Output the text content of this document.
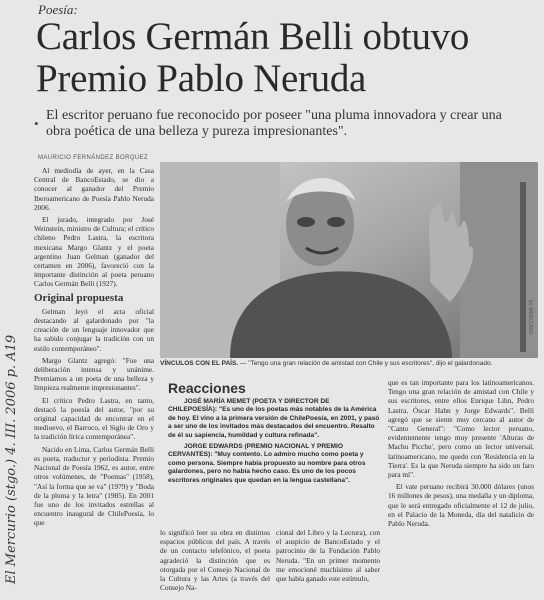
Poesía:
Carlos Germán Belli obtuvo
Premio Pablo Neruda
•
El escritor peruano fue reconocido por poseer "una pluma innovadora y crear una obra poética de una belleza y pureza impresionantes".
MAURICIO FERNÁNDEZ BORQUEZ

Al mediodía de ayer, en la Casa Central de BancoEstado, se dio a conocer al ganador del Premio Iberoamericano de Poesía Pablo Neruda 2006.

El jurado, integrado por José Weinstein, ministro de Cultura; el crítico chileno Pedro Lastra, la escritora mexicana Margo Glantz y el poeta argentino Juan Gelman (ganador del certamen en 2006), favoreció con la importante distinción al poeta peruano Carlos Germán Belli (1927).

Original propuesta

Gelman leyó el acta oficial destacando al galardonado por "la creación de un lenguaje innovador que ha sabido conjugar la tradición con un estilo contemporáneo".

Margo Glantz agregó: "Fue una deliberación intensa y unánime. Premiamos a un poeta de una belleza y limpieza realmente impresionantes".

El crítico Pedro Lastra, en tanto, destacó la poesía del autor, "por su original capacidad de encontrar en el medioevo, el Barroco, el Siglo de Oro y la tradición lírica contemporánea".

Nacido en Lima, Carlos Germán Belli es poeta, traductor y periodista. Premio Nacional de Poesía 1962, es autor, entre otros volúmenes, de "Poemas" (1958), "Así la forma que se va" (1979) y "Boda de la pluma y la letra" (1985). En 2001 fue uno de los invitados estrellas al encuentro inaugural de ChilePoesía, lo que

EL MERCURIO
VÍNCULOS CON EL PAÍS. — "Tengo una gran relación de amistad con Chile y sus escritores", dijo el galardonado.
Reacciones
JOSÉ MARÍA MEMET (POETA Y DIRECTOR DE CHILEPOESÍA): "Es uno de los poetas más notables de la América de hoy. El vino a la primera versión de ChilePoesía, en 2001, y pasó a ser uno de los invitados más destacados del encuentro. Resalto de él su sapiencia, humildad y cultura refinada".
JORGE EDWARDS (PREMIO NACIONAL Y PREMIO CERVANTES): "Muy contento. Lo admiro mucho como poeta y como persona. Siempre había propuesto su nombre para otros galardones, pero no había hecho caso. Es uno de los pocos escritores originales que quedan en la lengua castellana".

lo significó leer su obra en distintos espacios públicos del país. A través de un contacto telefónico, el poeta agradeció la distinción que es otorgada por el Consejo Nacional de la Cultura y las Artes (a través del Consejo Na-

cional del Libro y la Lectura), con el auspicio de BancoEstado y el patrocinio de la Fundación Pablo Neruda. "En un primer momento me emocioné muchísimo al saber que había ganado este estímulo,

que es tan importante para los latinoamericanos. Tengo una gran relación de amistad con Chile y sus escritores, entre ellos Enrique Lihn, Pedro Lastra, Óscar Hahn y Jorge Edwards". Belli agregó que se siente muy cercano al autor de "Canto General": "Como lector peruano, evidentemente tengo muy presente 'Alturas de Machu Picchu', pero como un lector universal, latinoamericano, me quedo con 'Residencia en la Tierra'. Es la que Neruda siempre ha sido un faro para mí".

El vate peruano recibirá 30.000 dólares (unos 16 millones de pesos), una medalla y un diploma, que le será entregado oficialmente el 12 de julio, en el Palacio de la Moneda, día del natalicio de Pablo Neruda.

El Mercurio (stgo.) 4. III. 2006 p. A19
